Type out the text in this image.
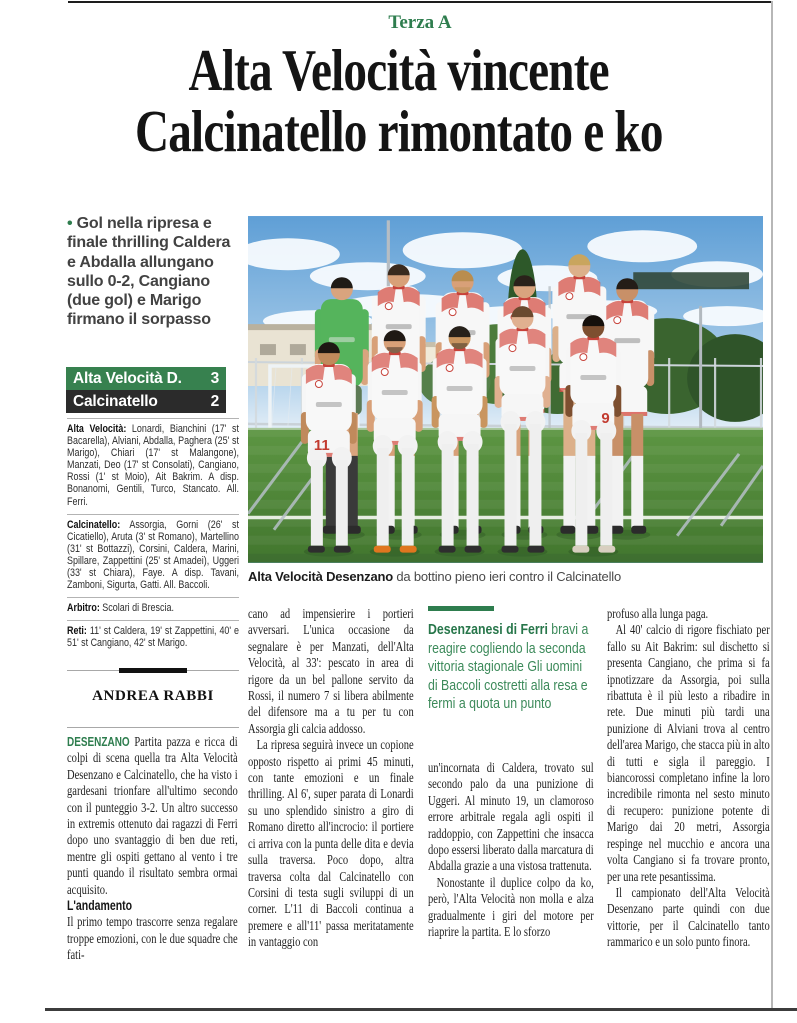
Terza A
Alta Velocità vincente
Calcinatello rimontato e ko
• Gol nella ripresa e finale thrilling Caldera e Abdalla allungano sullo 0-2, Cangiano (due gol) e Marigo firmano il sorpasso
Alta Velocità D. 3
Calcinatello	2

Alta Velocità: Lonardi, Bianchini (17' st Bacarella), Alviani, Abdalla, Paghera (25' st Marigo), Chiari (17' st Malangone), Manzati, Deo (17' st Consolati), Cangiano, Rossi (1' st Moio), Ait Bakrim. A disp. Bonanomi, Gentili, Turco, Stancato. All. Ferri.

Calcinatello: Assorgia, Gorni (26' st Cicatiello), Aruta (3' st Romano), Martellino (31' st Bottazzi), Corsini, Caldera, Marini, Spillare, Zappettini (25' st Amadei), Uggeri (33' st Chiara), Faye. A disp. Tavani, Zamboni, Sigurta, Gatti. All. Baccoli.

Arbitro: Scolari di Brescia.

Reti: 11' st Caldera, 19' st Zappettini, 40' e 51' st Cangiano, 42' st Marigo.

ANDREA RABBI
11
9
Alta Velocità Desenzano da bottino pieno ieri contro il Calcinatello

DESENZANO Partita pazza e ricca di colpi di scena quella tra Alta Velocità Desenzano e Calcinatello, che ha visto i gardesani trionfare all'ultimo secondo con il punteggio 3-2. Un altro successo in extremis ottenuto dai ragazzi di Ferri dopo uno svantaggio di ben due reti, mentre gli ospiti gettano al vento i tre punti quando il risultato sembra ormai acquisito.

L'andamento

Il primo tempo trascorre senza regalare troppe emozioni, con le due squadre che fati-

cano ad impensierire i portieri avversari. L'unica occasione da segnalare è per Manzati, dell'Alta Velocità, al 33': pescato in area di rigore da un bel pallone servito da Rossi, il numero 7 si libera abilmente del difensore ma a tu per tu con Assorgia gli calcia addosso.

La ripresa seguirà invece un copione opposto rispetto ai primi 45 minuti, con tante emozioni e un finale thrilling. Al 6', super parata di Lonardi su uno splendido sinistro a giro di Romano diretto all'incrocio: il portiere ci arriva con la punta delle dita e devia sulla traversa. Poco dopo, altra traversa colta dal Calcinatello con Corsini di testa sugli sviluppi di un corner. L'11 di Baccoli continua a premere e all'11' passa meritatamente in vantaggio con

Desenzanesi di Ferri bravi a reagire cogliendo la seconda vittoria stagionale Gli uomini di Baccoli costretti alla resa e fermi a quota un punto

un'incornata di Caldera, trovato sul secondo palo da una punizione di Uggeri. Al minuto 19, un clamoroso errore arbitrale regala agli ospiti il raddoppio, con Zappettini che insacca dopo essersi liberato dalla marcatura di Abdalla grazie a una vistosa trattenuta.

Nonostante il duplice colpo da ko, però, l'Alta Velocità non molla e alza gradualmente i giri del motore per riaprire la partita. E lo sforzo

profuso alla lunga paga.

Al 40' calcio di rigore fischiato per fallo su Ait Bakrim: sul dischetto si presenta Cangiano, che prima si fa ipnotizzare da Assorgia, poi sulla ribattuta è il più lesto a ribadire in rete. Due minuti più tardi una punizione di Alviani trova al centro dell'area Marigo, che stacca più in alto di tutti e sigla il pareggio. I biancorossi completano infine la loro incredibile rimonta nel sesto minuto di recupero: punizione potente di Marigo dai 20 metri, Assorgia respinge nel mucchio e ancora una volta Cangiano si fa trovare pronto, per una rete pesantissima.

Il campionato dell'Alta Velocità Desenzano parte quindi con due vittorie, per il Calcinatello tanto rammarico e un solo punto finora.
